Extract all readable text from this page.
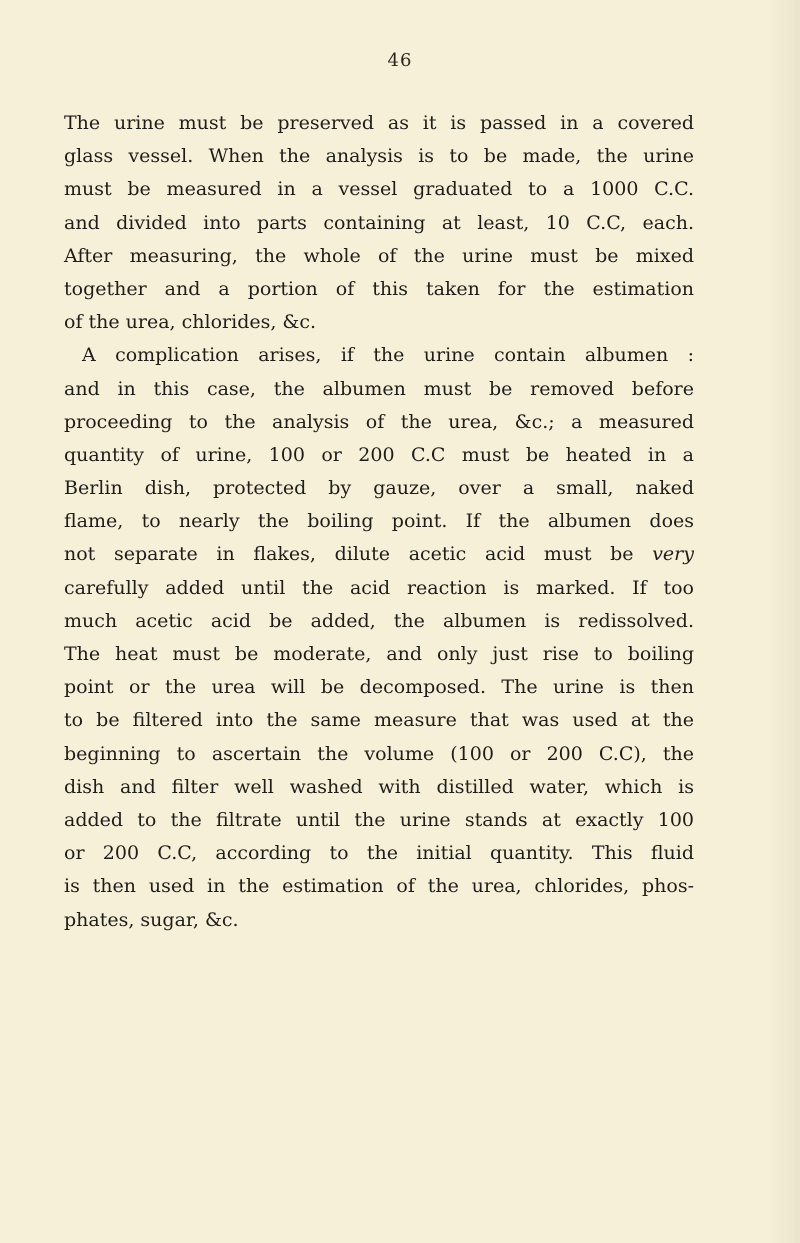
46
The urine must be preserved as it is passed in a covered
glass vessel. When the analysis is to be made, the urine
must be measured in a vessel graduated to a 1000 C.C.
and divided into parts containing at least, 10 C.C, each.
After measuring, the whole of the urine must be mixed
together and a portion of this taken for the estimation
of the urea, chlorides, &c.
A complication arises, if the urine contain albumen :
and in this case, the albumen must be removed before
proceeding to the analysis of the urea, &c.; a measured
quantity of urine, 100 or 200 C.C must be heated in a
Berlin dish, protected by gauze, over a small, naked
flame, to nearly the boiling point. If the albumen does
not separate in flakes, dilute acetic acid must be very
carefully added until the acid reaction is marked. If too
much acetic acid be added, the albumen is redissolved.
The heat must be moderate, and only just rise to boiling
point or the urea will be decomposed. The urine is then
to be filtered into the same measure that was used at the
beginning to ascertain the volume (100 or 200 C.C), the
dish and filter well washed with distilled water, which is
added to the filtrate until the urine stands at exactly 100
or 200 C.C, according to the initial quantity. This fluid
is then used in the estimation of the urea, chlorides, phos-
phates, sugar, &c.
